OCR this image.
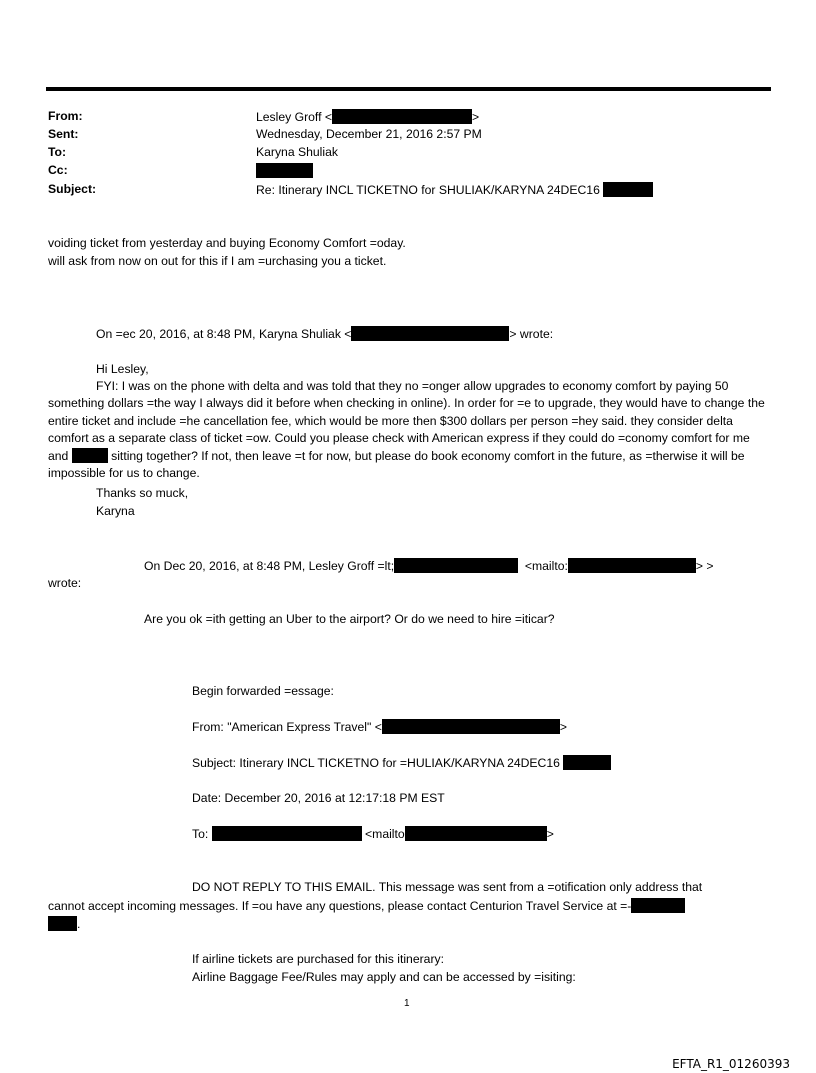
From:	Lesley Groff <	>
Sent:	Wednesday, December 21, 2016 2:57 PM
To:	Karyna Shuliak
Cc:
Subject:	Re: Itinerary INCL TICKETNO for SHULIAK/KARYNA 24DEC16
voiding ticket from yesterday and buying Economy Comfort =oday.
will ask from now on out for this if I am =urchasing you a ticket.
On =ec 20, 2016, at 8:48 PM, Karyna Shuliak <	> wrote:
Hi Lesley,
FYI: I was on the phone with delta and was told that they no =onger allow upgrades to economy comfort by paying 50 something dollars =the way I always did it before when checking in online). In order for =e to upgrade, they would have to change the entire ticket and include =he cancellation fee, which would be more then $300 dollars per person =hey said. they consider delta comfort as a separate class of ticket =ow. Could you please check with American express if they could do =conomy comfort for me and	sitting together? If not, then leave =t for now, but please do book economy comfort in the future, as =therwise it will be impossible for us to change.
Thanks so muck,
Karyna
On Dec 20, 2016, at 8:48 PM, Lesley Groff =lt;	<mailto:	> >
wrote:
Are you ok =ith getting an Uber to the airport? Or do we need to hire =iticar?
Begin forwarded =essage:
From: "American Express Travel" <	>
Subject: Itinerary INCL TICKETNO for =HULIAK/KARYNA 24DEC16
Date: December 20, 2016 at 12:17:18 PM EST
To:	<mailto	>
DO NOT REPLY TO THIS EMAIL. This message was sent from a =otification only address that
cannot accept incoming messages. If =ou have any questions, please contact Centurion Travel Service at =-
.
If airline tickets are purchased for this itinerary:
Airline Baggage Fee/Rules may apply and can be accessed by =isiting:
1
EFTA_R1_01260393
